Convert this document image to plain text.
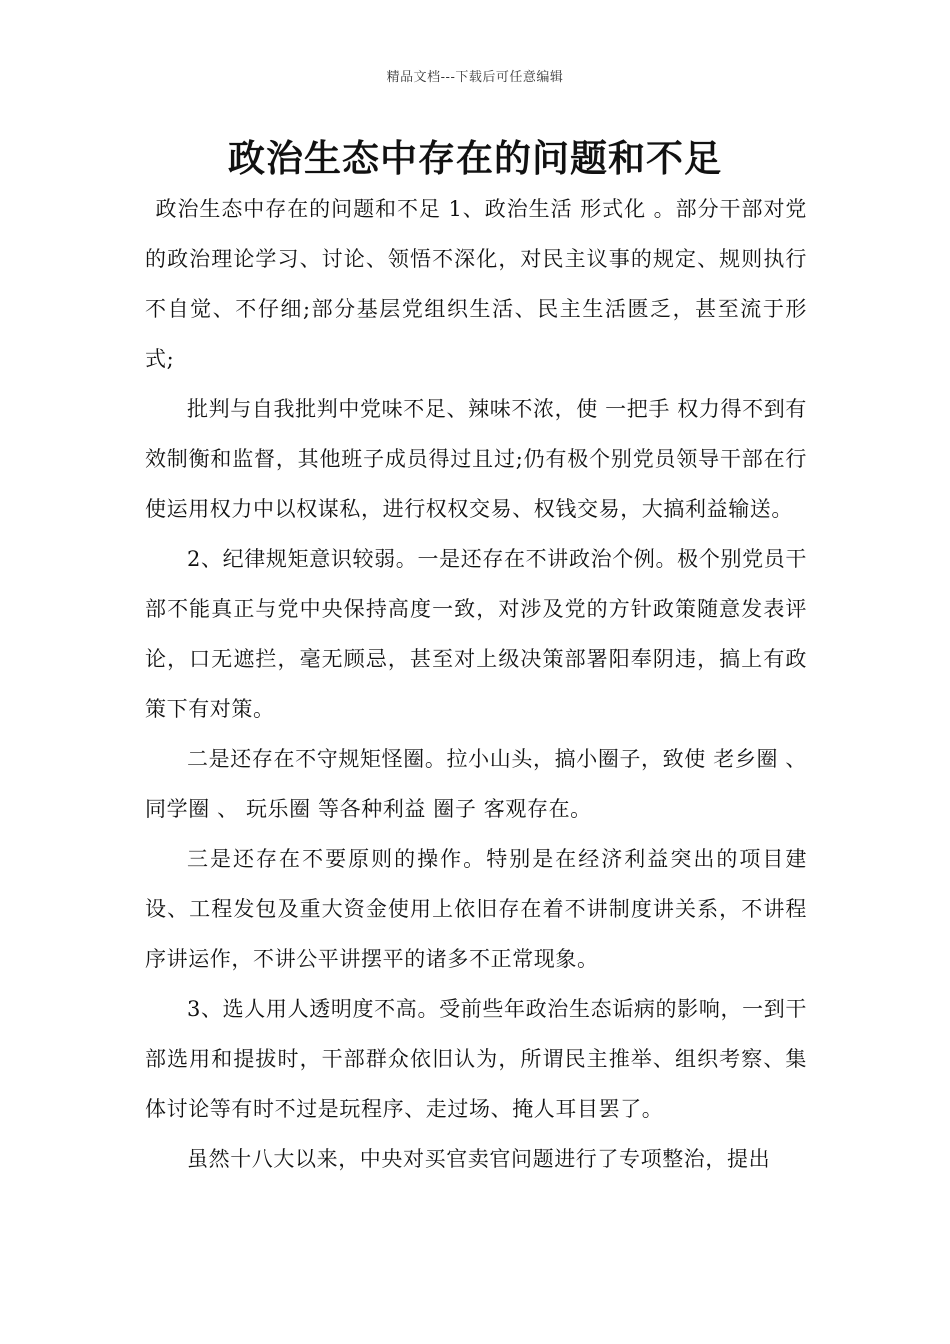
精品文档---下载后可任意编辑
政治生态中存在的问题和不足

政治生态中存在的问题和不足 1、政治生活 形式化 。部分干部对党的政治理论学习、讨论、领悟不深化，对民主议事的规定、规则执行不自觉、不仔细;部分基层党组织生活、民主生活匮乏，甚至流于形式;

批判与自我批判中党味不足、辣味不浓，使 一把手 权力得不到有效制衡和监督，其他班子成员得过且过;仍有极个别党员领导干部在行使运用权力中以权谋私，进行权权交易、权钱交易，大搞利益输送。

2、纪律规矩意识较弱。一是还存在不讲政治个例。极个别党员干部不能真正与党中央保持高度一致，对涉及党的方针政策随意发表评论，口无遮拦，毫无顾忌，甚至对上级决策部署阳奉阴违，搞上有政策下有对策。

二是还存在不守规矩怪圈。拉小山头，搞小圈子，致使 老乡圈 、 同学圈 、 玩乐圈 等各种利益 圈子 客观存在。

三是还存在不要原则的操作。特别是在经济利益突出的项目建设、工程发包及重大资金使用上依旧存在着不讲制度讲关系，不讲程序讲运作，不讲公平讲摆平的诸多不正常现象。

3、选人用人透明度不高。受前些年政治生态诟病的影响，一到干部选用和提拔时，干部群众依旧认为，所谓民主推举、组织考察、集体讨论等有时不过是玩程序、走过场、掩人耳目罢了。

虽然十八大以来，中央对买官卖官问题进行了专项整治，提出
